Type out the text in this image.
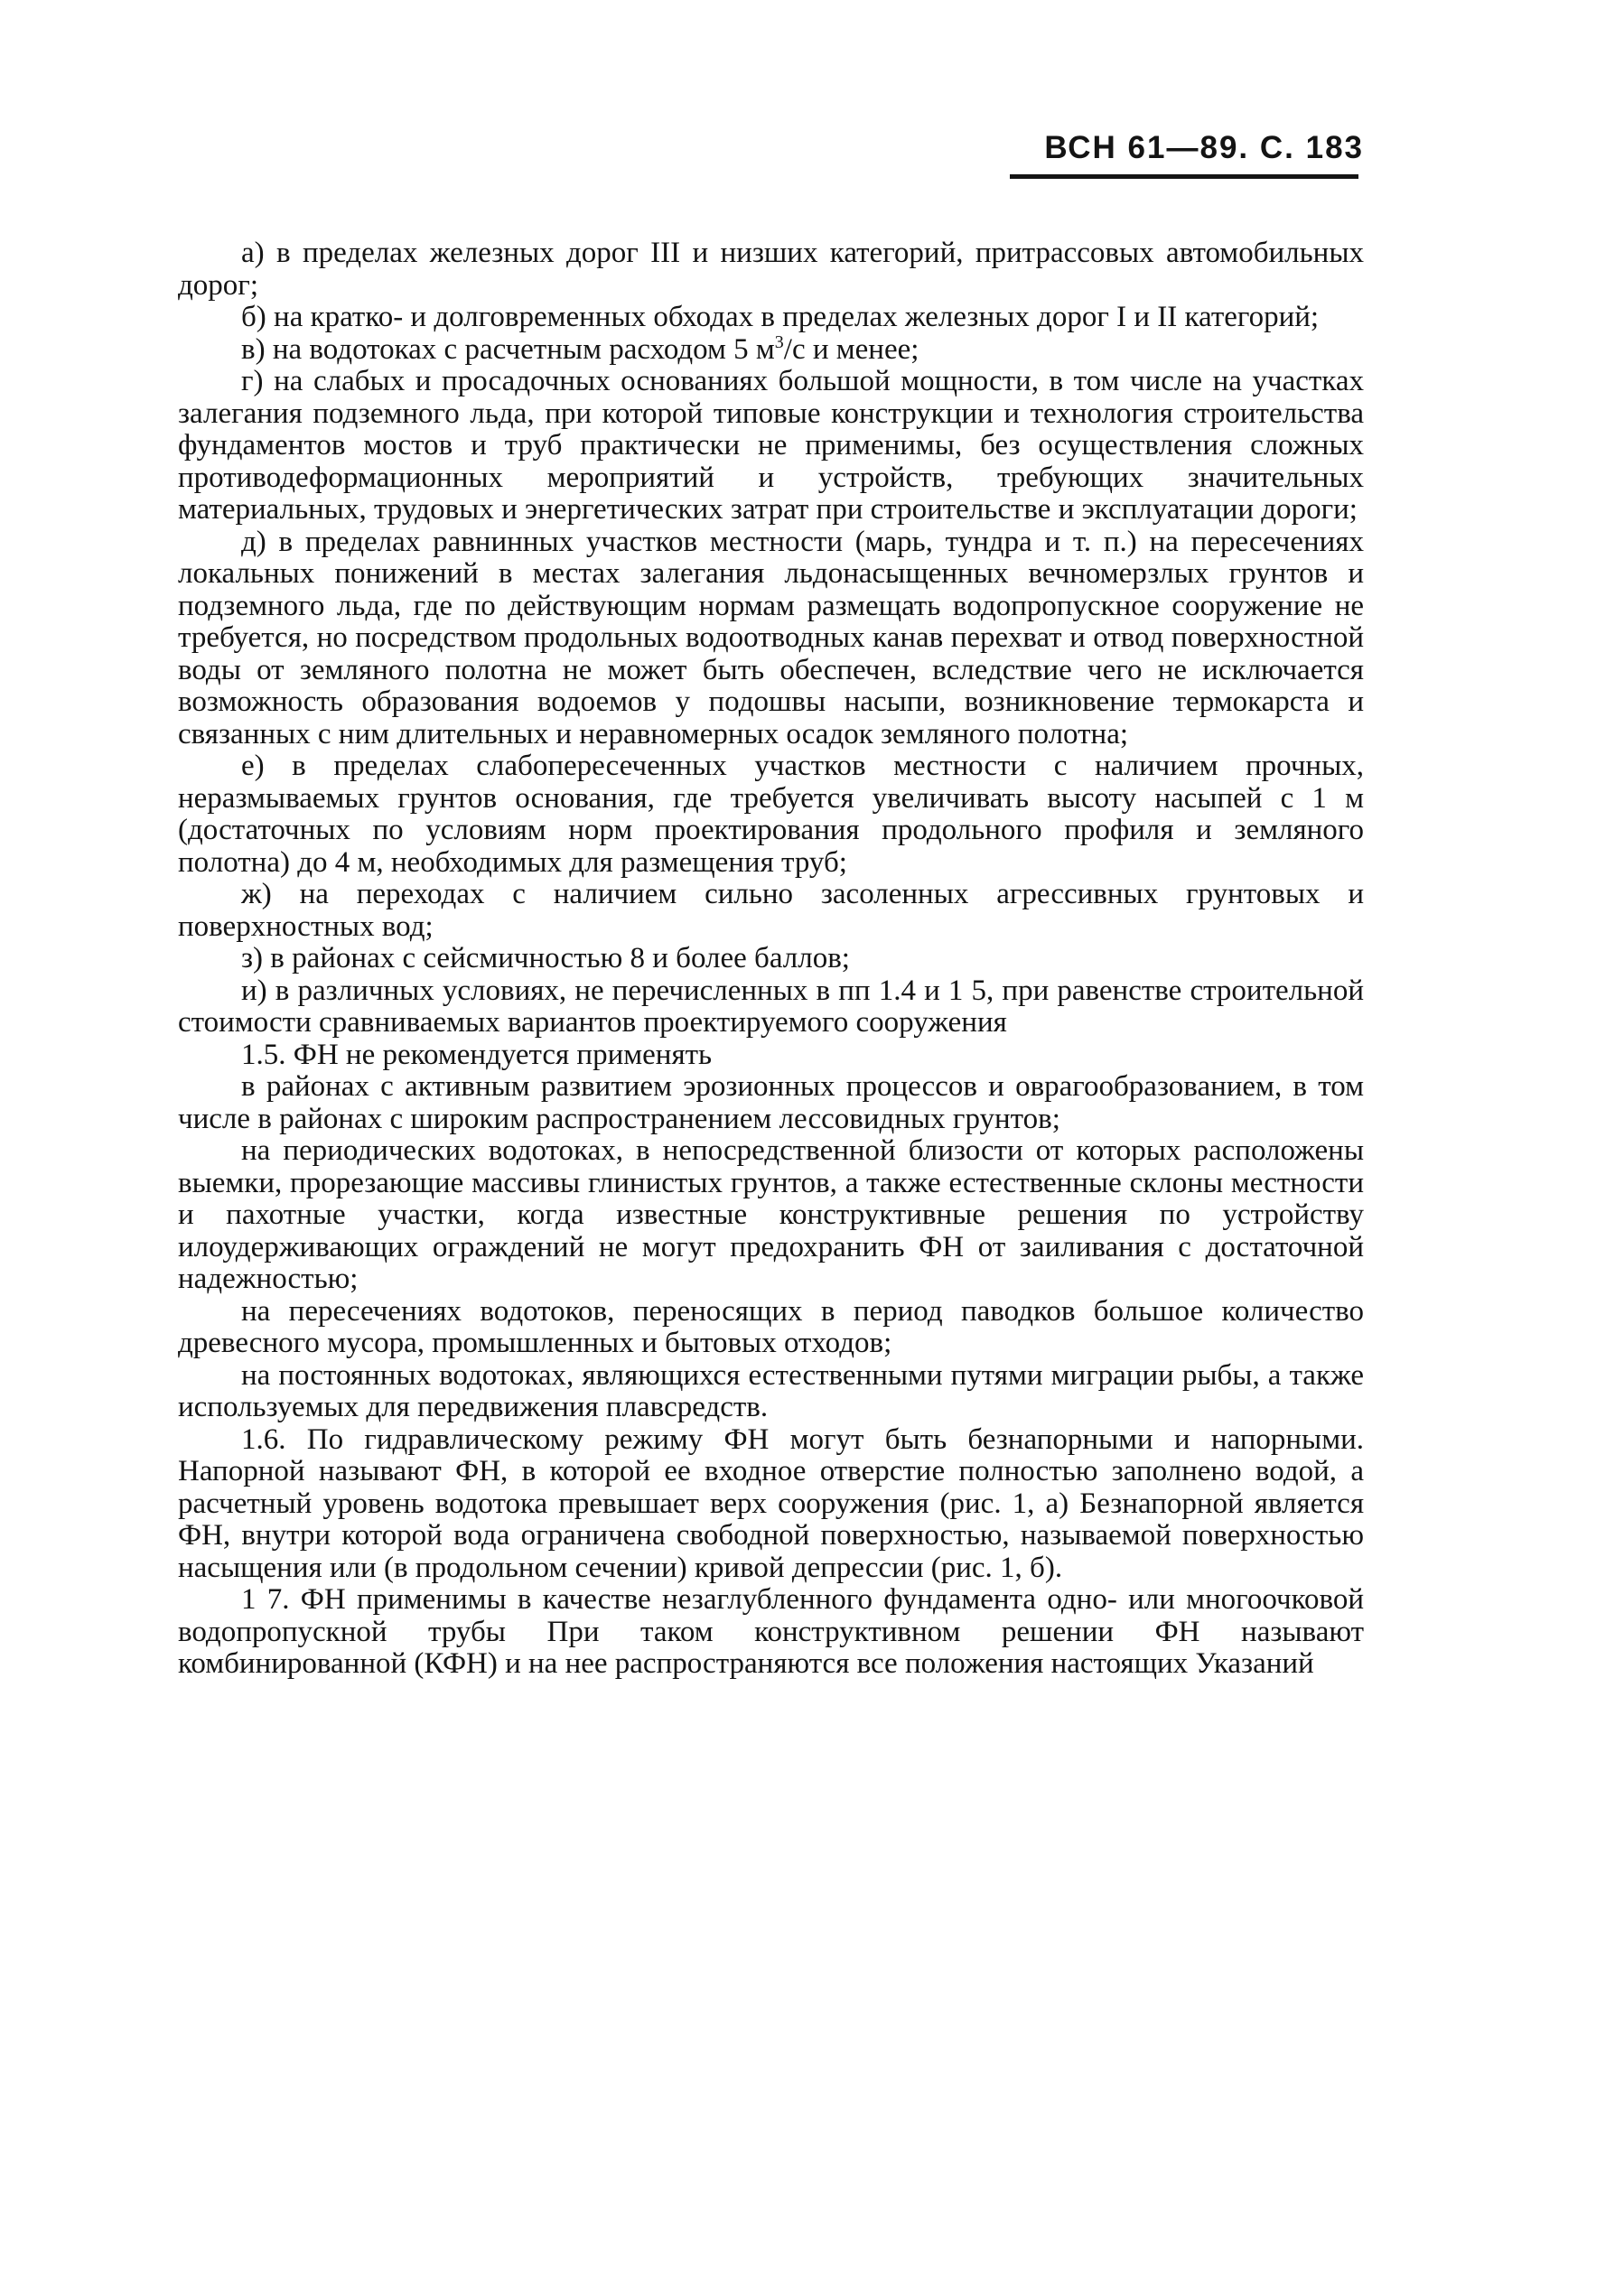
ВСН 61—89. С. 183

а) в пределах железных дорог III и низших категорий, притрассовых автомобильных дорог;

б) на кратко- и долговременных обходах в пределах железных дорог I и II категорий;

в) на водотоках с расчетным расходом 5 $м^3/с$ и менее;

г) на слабых и просадочных основаниях большой мощности, в том числе на участках залегания подземного льда, при которой типовые конструкции и технология строительства фундаментов мостов и труб практически не применимы, без осуществления сложных противодеформационных мероприятий и устройств, требующих значительных материальных, трудовых и энергетических затрат при строительстве и эксплуатации дороги;

д) в пределах равнинных участков местности (марь, тундра и т. п.) на пересечениях локальных понижений в местах залегания льдонасыщенных вечномерзлых грунтов и подземного льда, где по действующим нормам размещать водопропускное сооружение не требуется, но посредством продольных водоотводных канав перехват и отвод поверхностной воды от земляного полотна не может быть обеспечен, вследствие чего не исключается возможность образования водоемов у подошвы насыпи, возникновение термокарста и связанных с ним длительных и неравномерных осадок земляного полотна;

е) в пределах слабопересеченных участков местности с наличием прочных, неразмываемых грунтов основания, где требуется увеличивать высоту насыпей с 1 м (достаточных по условиям норм проектирования продольного профиля и земляного полотна) до 4 м, необходимых для размещения труб;

ж) на переходах с наличием сильно засоленных агрессивных грунтовых и поверхностных вод;

з) в районах с сейсмичностью 8 и более баллов;

и) в различных условиях, не перечисленных в пп 1.4 и 1 5, при равенстве строительной стоимости сравниваемых вариантов проектируемого сооружения

1.5. ФН не рекомендуется применять

в районах с активным развитием эрозионных процессов и оврагообразованием, в том числе в районах с широким распространением лессовидных грунтов;

на периодических водотоках, в непосредственной близости от которых расположены выемки, прорезающие массивы глинистых грунтов, а также естественные склоны местности и пахотные участки, когда известные конструктивные решения по устройству илоудерживающих ограждений не могут предохранить ФН от заиливания с достаточной надежностью;

на пересечениях водотоков, переносящих в период паводков большое количество древесного мусора, промышленных и бытовых отходов;

на постоянных водотоках, являющихся естественными путями миграции рыбы, а также используемых для передвижения плавсредств.

1.6. По гидравлическому режиму ФН могут быть безнапорными и напорными. Напорной называют ФН, в которой ее входное отверстие полностью заполнено водой, а расчетный уровень водотока превышает верх сооружения (рис. 1, а) Безнапорной является ФН, внутри которой вода ограничена свободной поверхностью, называемой поверхностью насыщения или (в продольном сечении) кривой депрессии (рис. 1, б).

1 7. ФН применимы в качестве незаглубленного фундамента одно- или многоочковой водопропускной трубы При таком конструктивном решении ФН называют комбинированной (КФН) и на нее распространяются все положения настоящих Указаний
